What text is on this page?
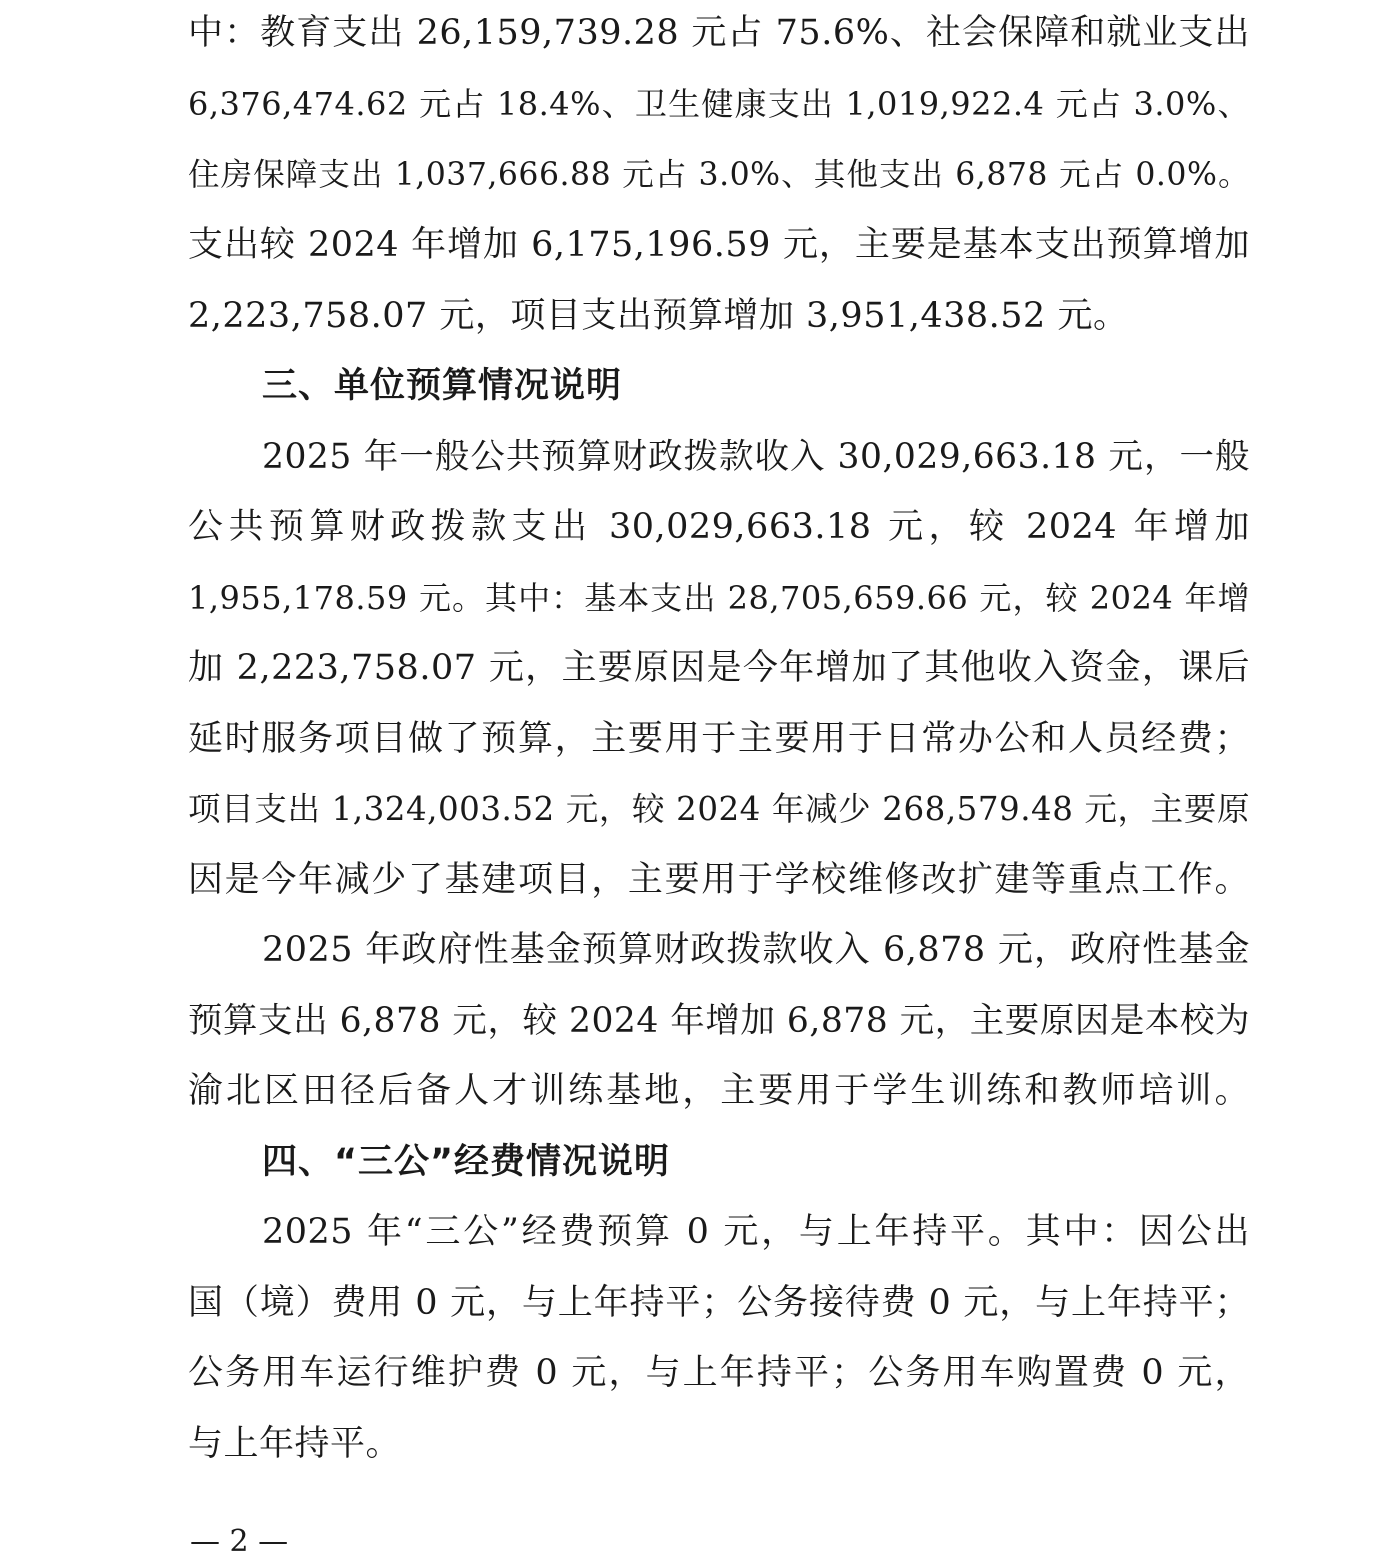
中：教育支出 26,159,739.28 元占 75.6%、社会保障和就业支出
6,376,474.62 元占 18.4%、卫生健康支出 1,019,922.4 元占 3.0%、
住房保障支出 1,037,666.88 元占 3.0%、其他支出 6,878 元占 0.0%。
支出较 2024 年增加 6,175,196.59 元，主要是基本支出预算增加
2,223,758.07 元，项目支出预算增加 3,951,438.52 元。
三、单位预算情况说明
2025 年一般公共预算财政拨款收入 30,029,663.18 元，一般
公共预算财政拨款支出 30,029,663.18 元，较 2024 年增加
1,955,178.59 元。其中：基本支出 28,705,659.66 元，较 2024 年增
加 2,223,758.07 元，主要原因是今年增加了其他收入资金，课后
延时服务项目做了预算，主要用于主要用于日常办公和人员经费；
项目支出 1,324,003.52 元，较 2024 年减少 268,579.48 元，主要原
因是今年减少了基建项目，主要用于学校维修改扩建等重点工作。
2025 年政府性基金预算财政拨款收入 6,878 元，政府性基金
预算支出 6,878 元，较 2024 年增加 6,878 元，主要原因是本校为
渝北区田径后备人才训练基地，主要用于学生训练和教师培训。
四、“三公”经费情况说明
2025 年“三公”经费预算 0 元，与上年持平。其中：因公出
国（境）费用 0 元，与上年持平；公务接待费 0 元，与上年持平；
公务用车运行维护费 0 元，与上年持平；公务用车购置费 0 元，
与上年持平。
— 2 —
